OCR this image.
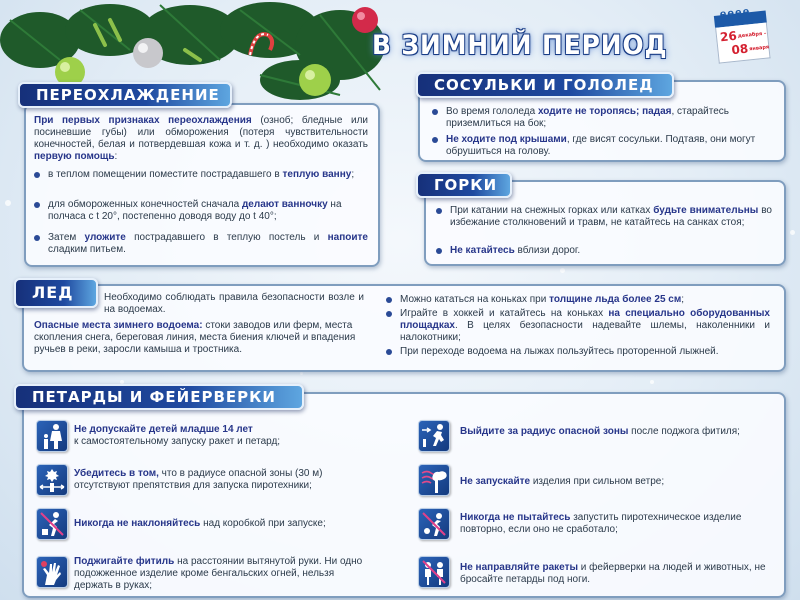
В ЗИМНИЙ ПЕРИОД
ееее
26декабря –
08января
ПЕРЕОХЛАЖДЕНИЕ
При первых признаках переохлаждения (озноб; бледные или посиневшие губы) или обморожения (потеря чувствительности конечностей, белая и потвердевшая кожа и т. д. ) необходимо оказать первую помощь:
в теплом помещении поместите пострадавшего в теплую ванну;
для обмороженных конечностей сначала делают ванночку на полчаса с t 20°, постепенно доводя воду до t 40°;
Затем уложите пострадавшего в теплую постель и напоите сладким питьем.
СОСУЛЬКИ И ГОЛОЛЕД
Во время гололеда ходите не торопясь; падая, старайтесь приземлиться на бок;
Не ходите под крышами, где висят сосульки. Подтаяв, они могут обрушиться на голову.
ГОРКИ
При катании на снежных горках или катках будьте внимательны во избежание столкновений и травм, не катайтесь на санках стоя;
Не катайтесь вблизи дорог.
ЛЕД	Необходимо соблюдать правила безопасности возле и на водоемах.
Опасные места зимнего водоема: стоки заводов или ферм, места скопления снега, береговая линия, места биения ключей и впадения ручьев в реки, заросли камыша и тростника.
Можно кататься на коньках при толщине льда более 25 см;
Играйте в хоккей и катайтесь на коньках на специально оборудованных площадках. В целях безопасности надевайте шлемы, наколенники и налокотники;
При переходе водоема на лыжах пользуйтесь проторенной лыжней.
ПЕТАРДЫ И ФЕЙЕРВЕРКИ
Не допускайте детей младше 14 лет
к самостоятельному запуску ракет и петард;
Убедитесь в том, что в радиусе опасной зоны (30 м) отсутствуют препятствия для запуска пиротехники;
Никогда не наклоняйтесь над коробкой при запуске;
Поджигайте фитиль на расстоянии вытянутой руки. Ни одно подожженное изделие кроме бенгальских огней, нельзя держать в руках;
Выйдите за радиус опасной зоны после поджога фитиля;
Не запускайте изделия при сильном ветре;
Никогда не пытайтесь запустить пиротехническое изделие повторно, если оно не сработало;
Не направляйте ракеты и фейерверки на людей и животных, не бросайте петарды под ноги.
